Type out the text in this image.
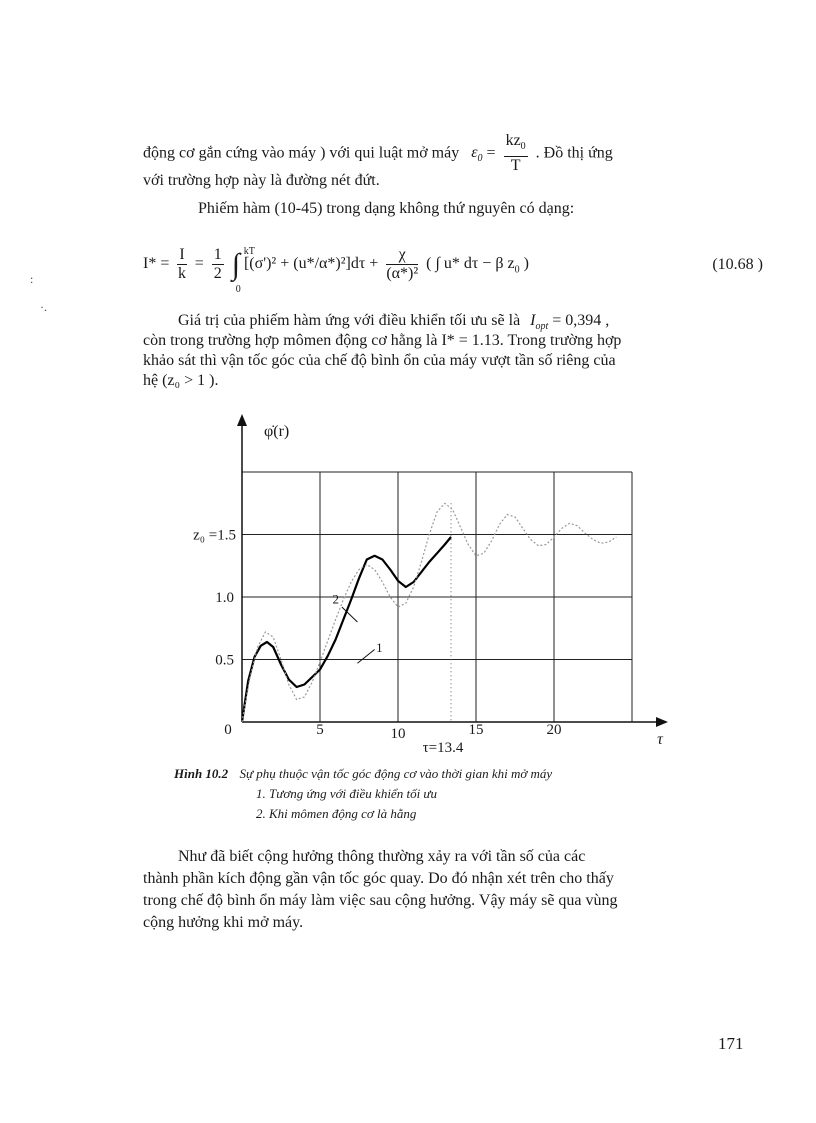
động cơ gắn cứng vào máy ) với qui luật mở máy $\varepsilon_0 = \frac{kz_0}{T}$ . Đồ thị ứng
với trường hợp này là đường nét đứt.
Phiếm hàm (10-45) trong dạng không thứ nguyên có dạng:
$I* = \frac{I}{k} = \frac{1}{2}$ ∫ kT
0
$[(\sigma')^2 + (u*/\alpha*)^2]d\tau + \frac{\chi}{\text{(α*)²}}$ ( ∫ u* dτ − β $z_0$ )	(10.68 )
Giá trị của phiếm hàm ứng với điều khiển tối ưu sẽ là $I_{opt} = 0,394$ ,
còn trong trường hợp mômen động cơ hằng là I* = 1.13. Trong trường hợp
khảo sát thì vận tốc góc của chế độ bình ổn của máy vượt tần số riêng của
hệ (z₀ > 1 ).
0	5	10	15	20
0.5
1.0
z₀ =1.5
φ̇(r)
τ
τ=13.4
2
1
Hình 10.2 Sự phụ thuộc vận tốc góc động cơ vào thời gian khi mở máy
1. Tương ứng với điều khiển tối ưu
2. Khi mômen động cơ là hằng
Như đã biết cộng hưởng thông thường xảy ra với tần số của các
thành phần kích động gần vận tốc góc quay. Do đó nhận xét trên cho thấy
trong chế độ bình ổn máy làm việc sau cộng hưởng. Vậy máy sẽ qua vùng
cộng hưởng khi mở máy.
171
:
·.
